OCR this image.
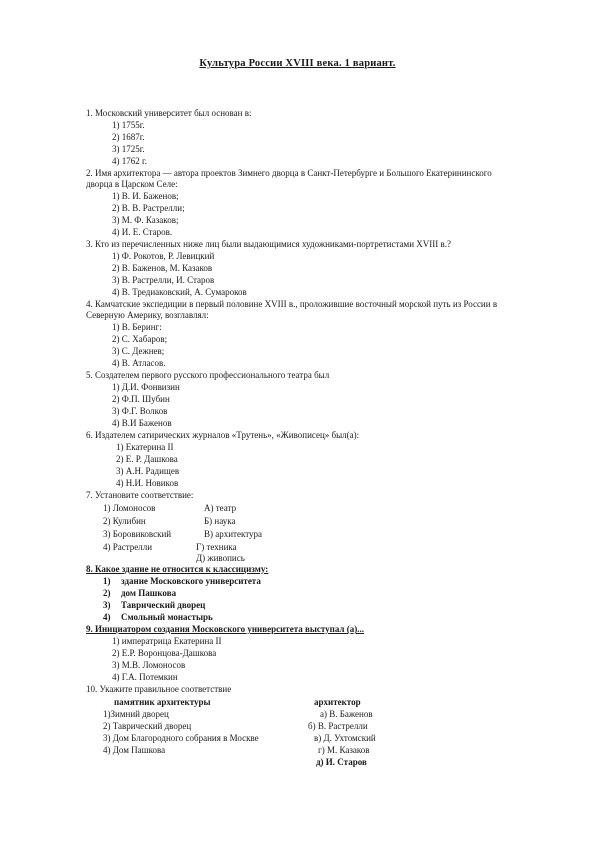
Культура России XVIII века. 1 вариант.
1. Московский университет был основан в:
1) 1755г.
2) 1687г.
3) 1725г.
4) 1762 г.
2. Имя архитектора — автора проектов Зимнего дворца в Санкт-Петербурге и Большого Екатерининского
дворца в Царском Селе:
1) В. И. Баженов;
2) В. В. Растрелли;
3) М. Ф. Казаков;
4) И. Е. Старов.
3. Кто из перечисленных ниже лиц были выдающимися художниками-портретистами XVIII в.?
1) Ф. Рокотов, Р. Левицкий
2) В. Баженов, М. Казаков
3) В. Растрелли, И. Старов
4) В. Тредиаковский, А. Сумароков
4. Камчатские экспедиции в первый половине XVIII в., проложившие восточный морской путь из России в
Северную Америку, возглавлял:
1) В. Беринг:
2) С. Хабаров;
3) С. Дежнев;
4) В. Атласов.
5. Создателем первого русского профессионального театра был
1) Д.И. Фонвизин
2) Ф.П. Шубин
3) Ф.Г. Волков
4) В.И Баженов
6. Издателем сатирических журналов «Трутень», «Живописец» был(а):
1) Екатерина II
2) Е. Р. Дашкова
3) А.Н. Радищев
4) Н.И. Новиков
7. Установите соответствие:
1) Ломоносов
2) Кулибин
3) Боровиковский
4) Растрелли
А) театр
Б) наука
В) архитектура
Г) техника
Д) живопись
8. Какое здание не относится к классицизму:
1) здание Московского университета
2) дом Пашкова
3) Таврический дворец
4) Смольный монастырь
9. Инициатором создания Московского университета выступал (а)...
1) императрица Екатерина II
2) Е.Р. Воронцова-Дашкова
3) М.В. Ломоносов
4) Г.А. Потемкин
10. Укажите правильное соответствие
памятник архитектуры	архитектор
1)Зимний дворец
2) Таврический дворец
3) Дом Благородного собрания в Москве
4) Дом Пашкова
а) В. Баженов
б) В. Растрелли
в) Д. Ухтомский
г) М. Казаков
д) И. Старов
